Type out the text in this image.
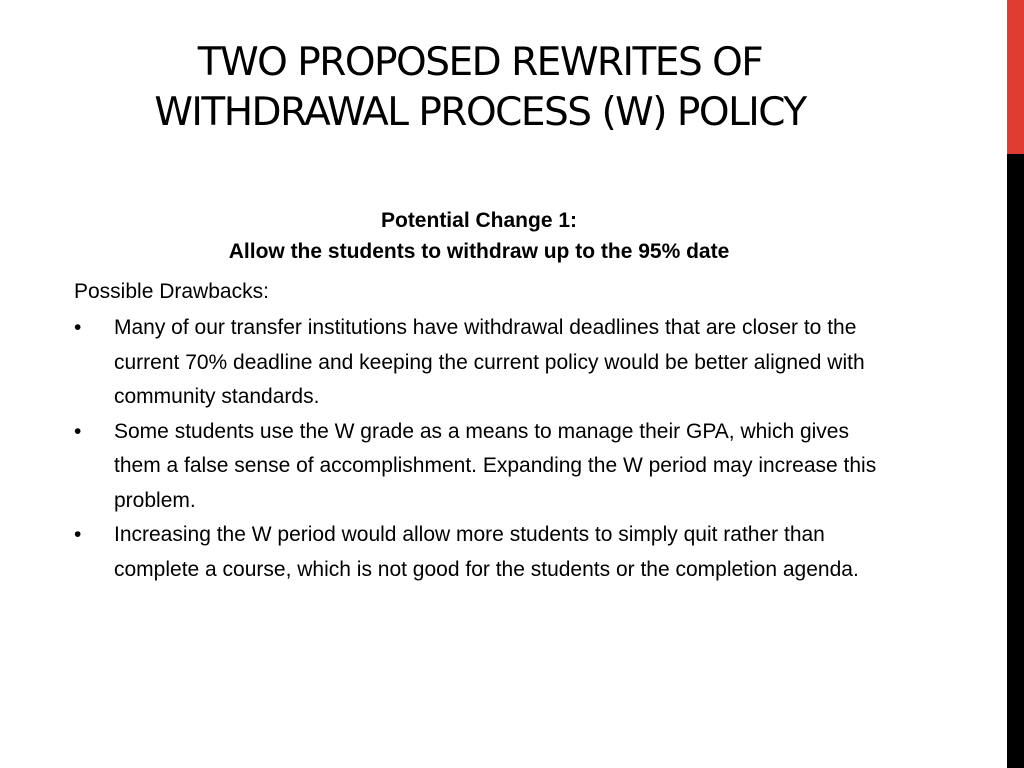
TWO PROPOSED REWRITES OF
WITHDRAWAL PROCESS (W) POLICY
Potential Change 1:
Allow the students to withdraw up to the 95% date
Possible Drawbacks:
•	Many of our transfer institutions have withdrawal deadlines that are closer to the current 70% deadline and keeping the current policy would be better aligned with community standards.
•	Some students use the W grade as a means to manage their GPA, which gives them a false sense of accomplishment. Expanding the W period may increase this problem.
•	Increasing the W period would allow more students to simply quit rather than complete a course, which is not good for the students or the completion agenda.
